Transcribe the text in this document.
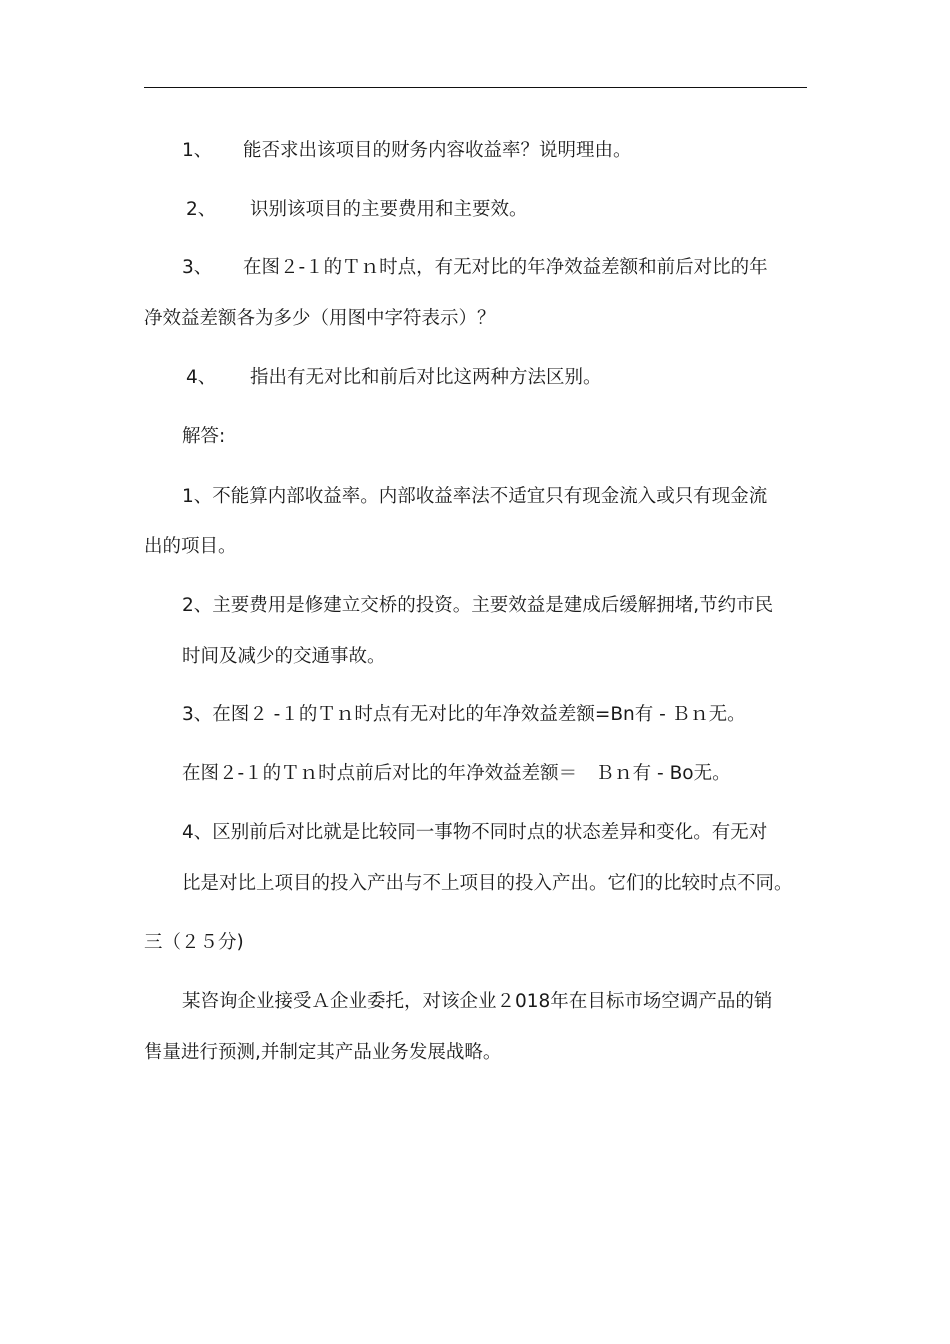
1、 能否求出该项目的财务内容收益率？说明理由。

2、 识别该项目的主要费用和主要效。

3、 在图２-１的Ｔｎ时点，有无对比的年净效益差额和前后对比的年

净效益差额各为多少（用图中字符表示）？

4、 指出有无对比和前后对比这两种方法区别。

解答:

1、不能算内部收益率。内部收益率法不适宜只有现金流入或只有现金流

出的项目。

2、主要费用是修建立交桥的投资。主要效益是建成后缓解拥堵,节约市民

时间及减少的交通事故。

3、在图２ -１的Ｔｎ时点有无对比的年净效益差额=Bn有 - Ｂｎ无。

在图２-１的Ｔｎ时点前后对比的年净效益差额＝　Ｂｎ有 - Bo无。

4、区别前后对比就是比较同一事物不同时点的状态差异和变化。有无对

比是对比上项目的投入产出与不上项目的投入产出。它们的比较时点不同。

三（２５分)

某咨询企业接受Ａ企业委托，对该企业２018年在目标市场空调产品的销

售量进行预测,并制定其产品业务发展战略。
